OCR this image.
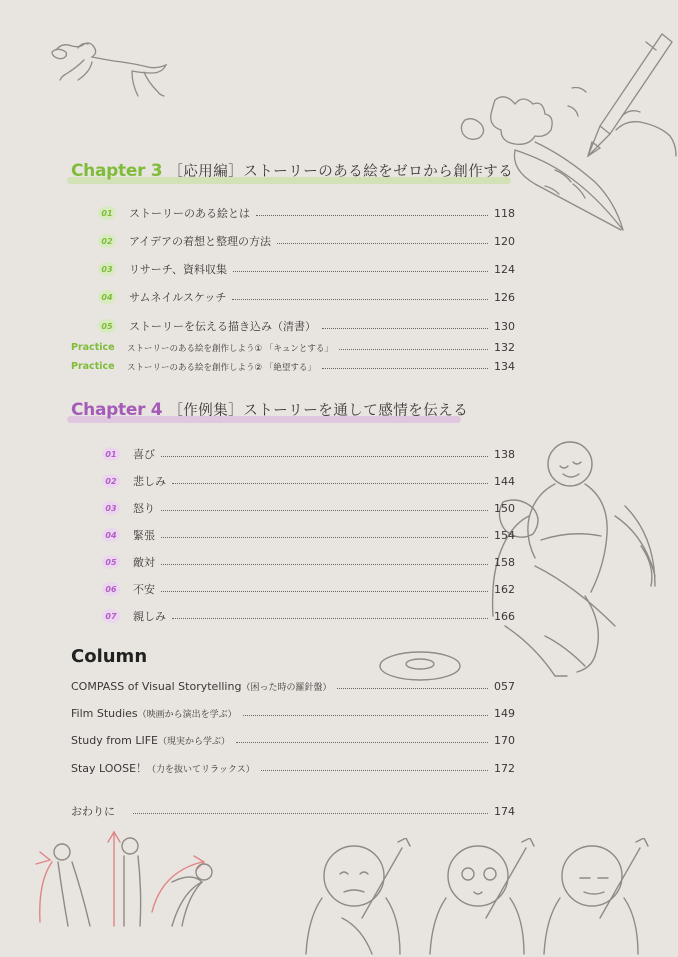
Chapter 3 ［応用編］ストーリーのある絵をゼロから創作する
01	ストーリーのある絵とは	118
02	アイデアの着想と整理の方法	120
03	リサーチ、資料収集	124
04	サムネイルスケッチ	126
05	ストーリーを伝える描き込み（清書）	130
Practice	ストーリーのある絵を創作しよう① 「キュンとする」	132
Practice	ストーリーのある絵を創作しよう② 「絶望する」	134
Chapter 4 ［作例集］ストーリーを通して感情を伝える
01	喜び	138
02	悲しみ	144
03	怒り	150
04	緊張	154
05	敵対	158
06	不安	162
07	親しみ	166
Column
COMPASS of Visual Storytelling（困った時の羅針盤）	057
Film Studies（映画から演出を学ぶ）	149
Study from LIFE（現実から学ぶ）	170
Stay LOOSE！（力を抜いてリラックス）	172
おわりに	174
